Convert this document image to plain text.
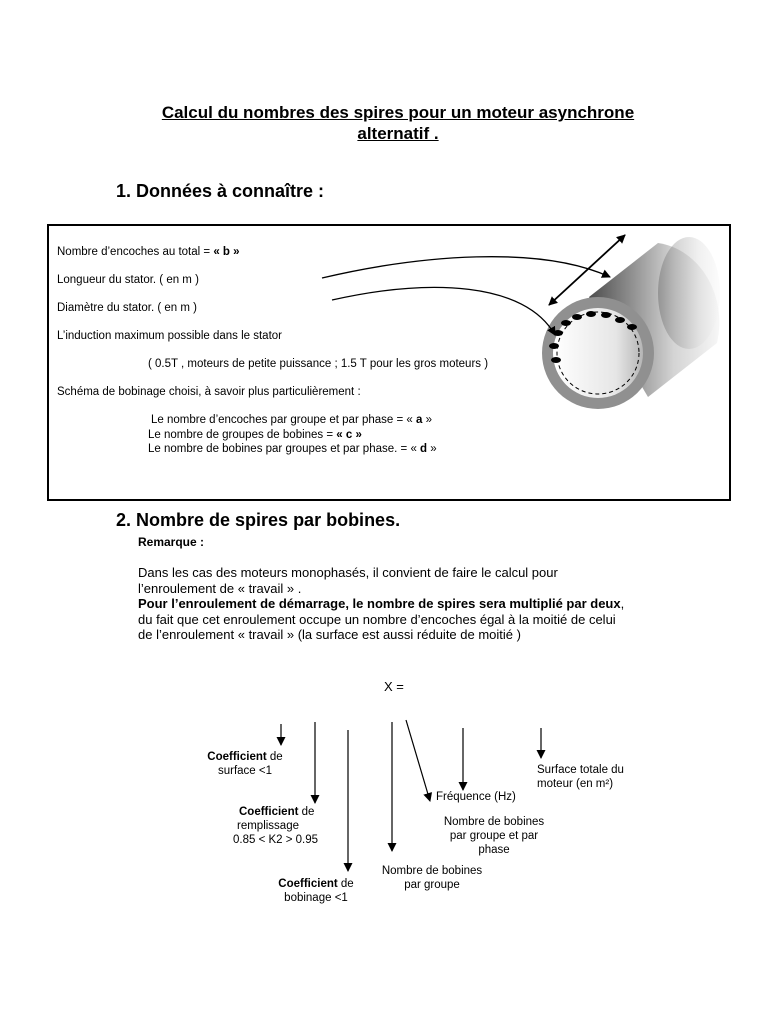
Calcul du nombres des spires pour un moteur asynchrone
alternatif .
1. Données à connaître :
Nombre d’encoches au total = « b »
Longueur du stator. ( en m )
Diamètre du stator. ( en m )
L’induction maximum possible dans le stator
( 0.5T , moteurs de petite puissance ; 1.5 T pour les gros moteurs )
Schéma de bobinage choisi, à savoir plus particulièrement :
Le nombre d’encoches par groupe et par phase = « a »
Le nombre de groupes de bobines = « c »
Le nombre de bobines par groupes et par phase. = « d »
2. Nombre de spires par bobines.
Remarque :
Dans les cas des moteurs monophasés, il convient de faire le calcul pour
l’enroulement de « travail » .
Pour l’enroulement de démarrage, le nombre de spires sera multiplié par deux,
du fait que cet enroulement occupe un nombre d’encoches égal à la moitié de celui
de l’enroulement « travail » (la surface est aussi réduite de moitié )
X =
Coefficient de
surface <1
Coefficient de
remplissage
0.85 < K2 > 0.95
Coefficient de
bobinage <1
Nombre de bobines
par groupe
Fréquence (Hz)
Nombre de bobines
par groupe et par
phase
Surface totale du
moteur (en m²)
